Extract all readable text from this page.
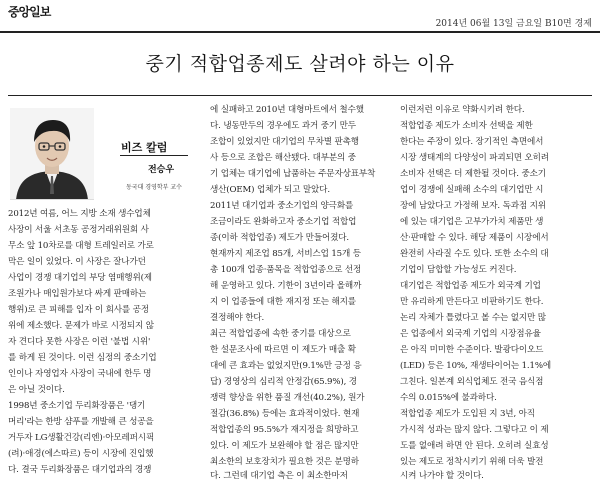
중앙일보
2014년 06월 13일 금요일 B10면 경제
중기 적합업종제도 살려야 하는 이유
비즈 칼럼
전승우
동국대 경영학부 교수
2012년 여름, 어느 지방 소재 생수업체
사장이 서울 서초동 공정거래위원회 사
무소 앞 10차로를 대형 트레일러로 가로
막은 일이 있었다. 이 사장은 잘나가던
사업이 경쟁 대기업의 부당 염매행위(제
조원가나 매입원가보다 싸게 판매하는
행위)로 큰 피해를 입자 이 회사를 공정
위에 제소했다. 문제가 바로 시정되지 않
자 견디다 못한 사장은 이런 '불법 시위'
를 하게 된 것이다. 이런 심정의 중소기업
인이나 자영업자 사장이 국내에 한두 명
은 아닐 것이다.
1998년 중소기업 두리화장품은 '댕기
머리'라는 한방 샴푸를 개발해 큰 성공을
거두자 LG생활건강(리엔)·아모레퍼시픽
(려)·애경(에스따르) 등이 시장에 진입했
다. 결국 두리화장품은 대기업과의 경쟁
에 실패하고 2010년 대형마트에서 철수했
다. 냉동만두의 경우에도 과거 중기 만두
조합이 있었지만 대기업의 무차별 판촉행
사 등으로 조합은 해산됐다. 대부분의 중
기 업체는 대기업에 납품하는 주문자상표부착
생산(OEM) 업체가 되고 말았다.
2011년 대기업과 중소기업의 양극화를
조금이라도 완화하고자 중소기업 적합업
종(이하 적합업종) 제도가 만들어졌다.
현재까지 제조업 85개, 서비스업 15개 등
총 100개 업종·품목을 적합업종으로 선정
해 운영하고 있다. 기한이 3년이라 올해까
지 이 업종들에 대한 재지정 또는 해지를
결정해야 한다.
최근 적합업종에 속한 중기를 대상으로
한 설문조사에 따르면 이 제도가 매출 확
대에 큰 효과는 없었지만(9.1%만 긍정 응
답) 경영상의 심리적 안정감(65.9%), 경
쟁력 향상을 위한 품질 개선(40.2%), 원가
절감(36.8%) 등에는 효과적이었다. 현재
적합업종의 95.5%가 재지정을 희망하고
있다. 이 제도가 보완해야 할 점은 많지만
최소한의 보호장치가 필요한 것은 분명하
다. 그런데 대기업 측은 이 최소한마저
이런저런 이유로 약화시키려 한다.
적합업종 제도가 소비자 선택을 제한
한다는 주장이 있다. 장기적인 측면에서
시장 생태계의 다양성이 파괴되면 오히려
소비자 선택은 더 제한될 것이다. 중소기
업이 경쟁에 실패해 소수의 대기업만 시
장에 남았다고 가정해 보자. 독과점 지위
에 있는 대기업은 고부가가치 제품만 생
산·판매할 수 있다. 해당 제품이 시장에서
완전히 사라질 수도 있다. 또한 소수의 대
기업이 담합할 가능성도 커진다.
대기업은 적합업종 제도가 외국계 기업
만 유리하게 만든다고 비판하기도 한다.
논리 자체가 틀렸다고 볼 수는 없지만 많
은 업종에서 외국계 기업의 시장점유율
은 아직 미미한 수준이다. 발광다이오드
(LED) 등은 10%, 재생타이어는 1.1%에
그친다. 일본계 외식업체도 전국 음식점
수의 0.015%에 불과하다.
적합업종 제도가 도입된 지 3년, 아직
가시적 성과는 많지 않다. 그렇다고 이 제
도를 없애려 하면 안 된다. 오히려 실효성
있는 제도로 정착시키기 위해 더욱 발전
시켜 나가야 할 것이다.
